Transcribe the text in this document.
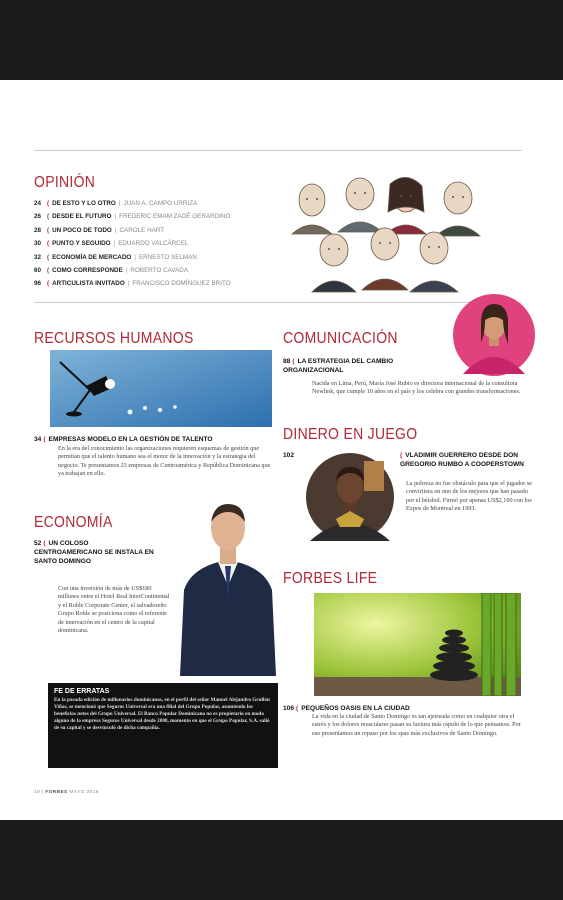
OPINIÓN
24 ( DE ESTO Y LO OTRO | JUAN A. CAMPO URRIZA
26 ( DESDE EL FUTURO | FREDERIC EMAM ZADÉ GERARDINO
28 ( UN POCO DE TODO | CAROLE HART
30 ( PUNTO Y SEGUIDO | EDUARDO VALCÁRCEL
32 ( ECONOMÍA DE MERCADO | ERNESTO SELMAN
60 ( COMO CORRESPONDE | ROBERTO CAVADA
96 ( ARTICULISTA INVITADO | FRANCISCO DOMÍNGUEZ BRITO
RECURSOS HUMANOS
34 ( EMPRESAS MODELO EN LA GESTIÓN DE TALENTO
En la era del conocimiento las organizaciones requieren esquemas de gestión que permitan que el talento humano sea el motor de la innovación y la estrategia del negocio. Te presentamos 23 empresas de Centroamérica y República Dominicana que ya trabajan en ello.
ECONOMÍA
52 ( UN COLOSO CENTROAMERICANO SE INSTALA EN SANTO DOMINGO
Con una inversión de más de US$180 millones entre el Hotel Real InterContinental y el Roble Corporate Center, el salvadoreño Grupo Roble se posiciona como el referente de innovación en el centro de la capital dominicana.
FE DE ERRATAS
En la pasada edición de millonarios dominicanos, en el perfil del señor Manuel Alejandro Grullón Viñas, se mencionó que Seguros Universal era una filial del Grupo Popular, asumiendo los beneficios netos del Grupo Universal. El Banco Popular Dominicano no es propietario en modo alguno de la empresa Seguros Universal desde 2008, momento en que el Grupo Popular, S.A. salió de su capital y se desvinculó de dicha compañía.
10 | FORBES MAYO 2018
COMUNICACIÓN
88 ( LA ESTRATEGIA DEL CAMBIO ORGANIZACIONAL
Nacida en Lima, Perú, María José Rubio es directora internacional de la consultora Newlink, que cumple 10 años en el país y los celebra con grandes transformaciones.
DINERO EN JUEGO
( VLADIMIR GUERRERO DESDE DON GREGORIO RUMBO A COOPERSTOWN
102
La pobreza no fue obstáculo para que el jugador se convirtiera en uno de los mejores que han pasado por el béisbol. Firmó por apenas US$2,100 con los Expos de Montreal en 1993.
FORBES LIFE
106 ( PEQUEÑOS OASIS EN LA CIUDAD
La vida en la ciudad de Santo Domingo es tan ajetreada como en cualquier otra el estrés y los dolores musculares pasan su factura más rápido de lo que pensamos. Por eso presentamos un repaso por los spas más exclusivos de Santo Domingo.
